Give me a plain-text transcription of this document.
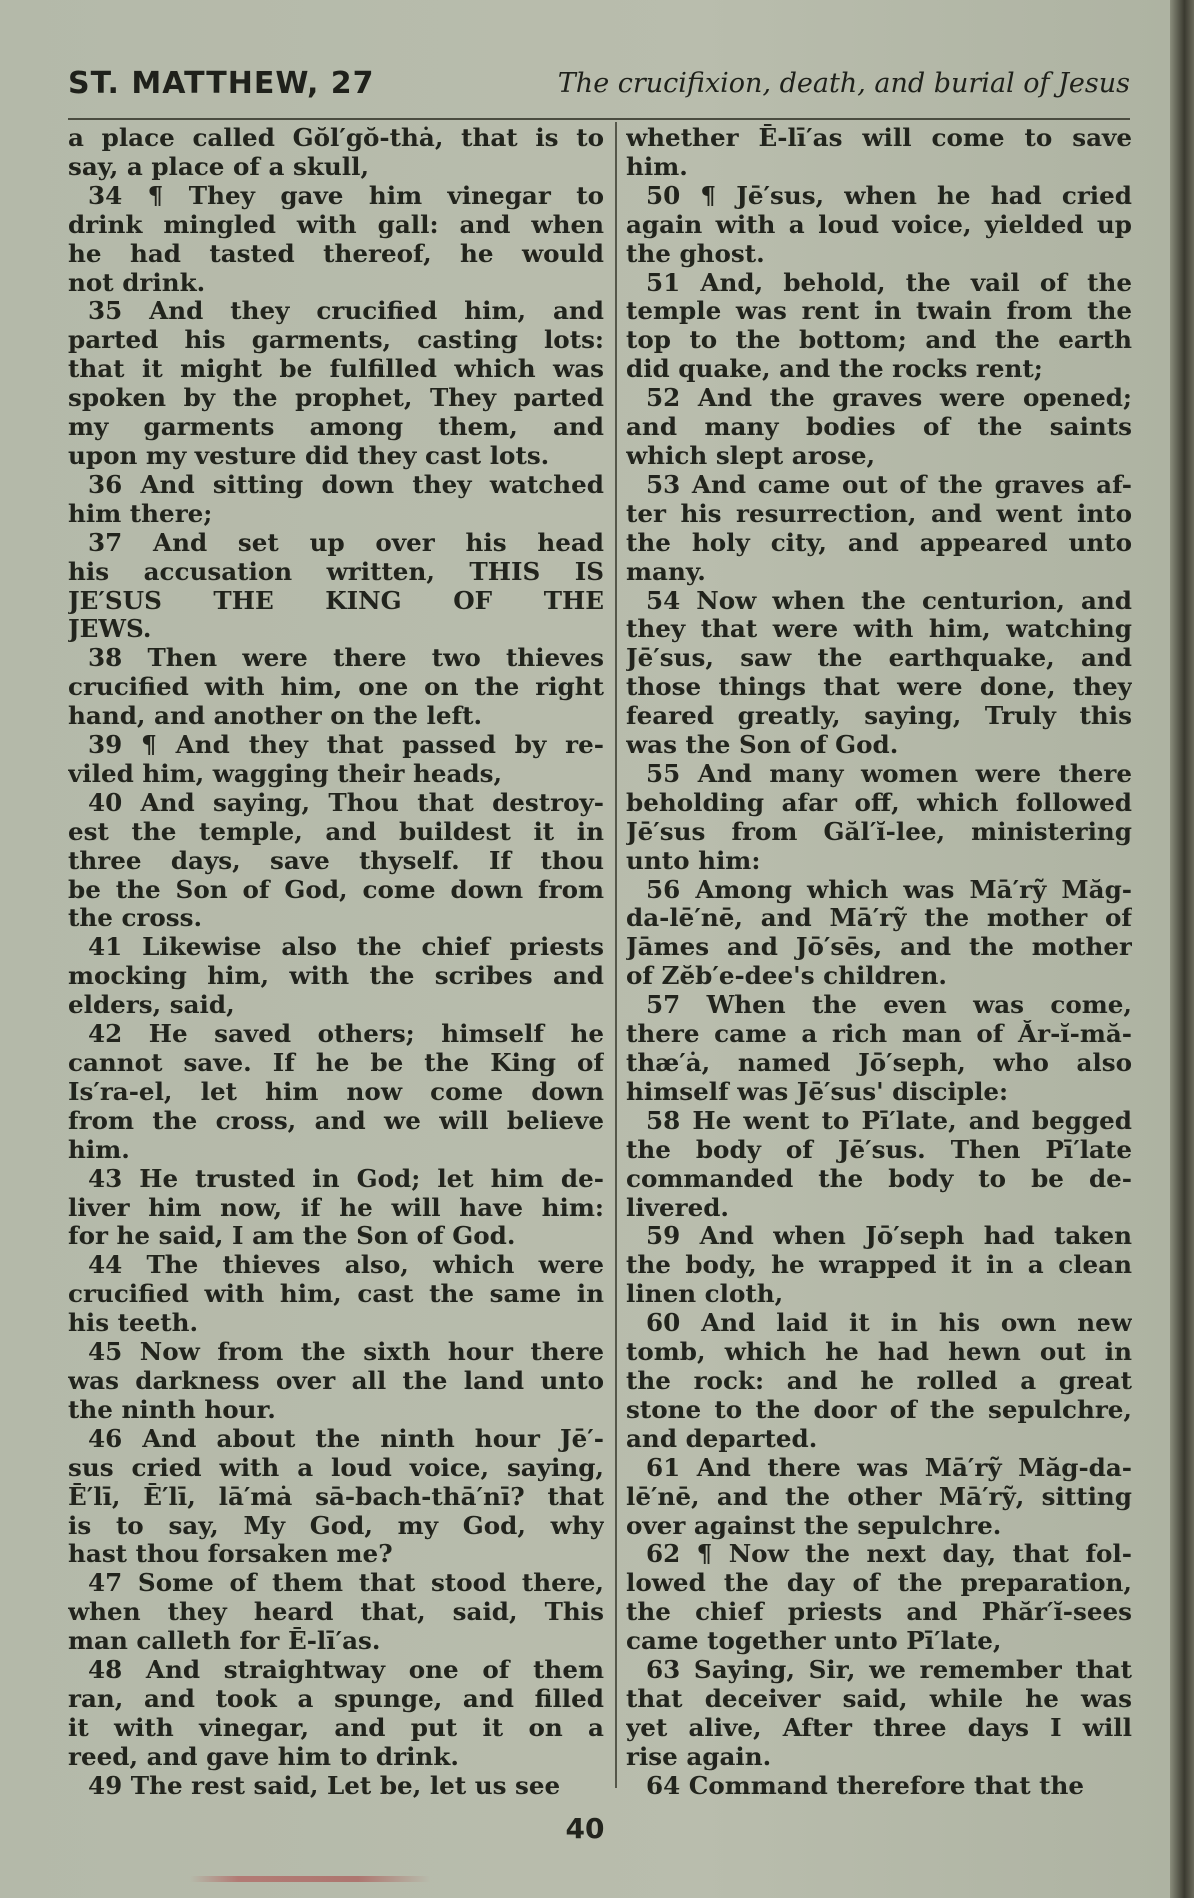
ST. MATTHEW, 27	The crucifixion, death, and burial of Jesus
a place called Gŏl′gŏ-thȧ, that is to
say, a place of a skull,
34 ¶ They gave him vinegar to
drink mingled with gall: and when
he had tasted thereof, he would
not drink.
35 And they crucified him, and
parted his garments, casting lots:
that it might be fulfilled which was
spoken by the prophet, They parted
my garments among them, and
upon my vesture did they cast lots.
36 And sitting down they watched
him there;
37 And set up over his head
his accusation written, THIS IS
JE′SUS THE KING OF THE
JEWS.
38 Then were there two thieves
crucified with him, one on the right
hand, and another on the left.
39 ¶ And they that passed by re-
viled him, wagging their heads,
40 And saying, Thou that destroy-
est the temple, and buildest it in
three days, save thyself. If thou
be the Son of God, come down from
the cross.
41 Likewise also the chief priests
mocking him, with the scribes and
elders, said,
42 He saved others; himself he
cannot save. If he be the King of
Is′ra-el, let him now come down
from the cross, and we will believe
him.
43 He trusted in God; let him de-
liver him now, if he will have him:
for he said, I am the Son of God.
44 The thieves also, which were
crucified with him, cast the same in
his teeth.
45 Now from the sixth hour there
was darkness over all the land unto
the ninth hour.
46 And about the ninth hour Jē′-
sus cried with a loud voice, saying,
Ē′lī, Ē′lī, lā′mȧ sā-bach-thā′nī? that
is to say, My God, my God, why
hast thou forsaken me?
47 Some of them that stood there,
when they heard that, said, This
man calleth for Ē-lī′as.
48 And straightway one of them
ran, and took a spunge, and filled
it with vinegar, and put it on a
reed, and gave him to drink.
49 The rest said, Let be, let us see
whether Ē-lī′as will come to save
him.
50 ¶ Jē′sus, when he had cried
again with a loud voice, yielded up
the ghost.
51 And, behold, the vail of the
temple was rent in twain from the
top to the bottom; and the earth
did quake, and the rocks rent;
52 And the graves were opened;
and many bodies of the saints
which slept arose,
53 And came out of the graves af-
ter his resurrection, and went into
the holy city, and appeared unto
many.
54 Now when the centurion, and
they that were with him, watching
Jē′sus, saw the earthquake, and
those things that were done, they
feared greatly, saying, Truly this
was the Son of God.
55 And many women were there
beholding afar off, which followed
Jē′sus from Găl′ĭ-lee, ministering
unto him:
56 Among which was Mā′rỹ Măg-
da-lē′nē, and Mā′rỹ the mother of
Jāmes and Jō′sēs, and the mother
of Zĕb′e-dee's children.
57 When the even was come,
there came a rich man of Ăr-ĭ-mă-
thæ′ȧ, named Jō′seph, who also
himself was Jē′sus' disciple:
58 He went to Pī′late, and begged
the body of Jē′sus. Then Pī′late
commanded the body to be de-
livered.
59 And when Jō′seph had taken
the body, he wrapped it in a clean
linen cloth,
60 And laid it in his own new
tomb, which he had hewn out in
the rock: and he rolled a great
stone to the door of the sepulchre,
and departed.
61 And there was Mā′rỹ Măg-da-
lē′nē, and the other Mā′rỹ, sitting
over against the sepulchre.
62 ¶ Now the next day, that fol-
lowed the day of the preparation,
the chief priests and Phăr′ĭ-sees
came together unto Pī′late,
63 Saying, Sir, we remember that
that deceiver said, while he was
yet alive, After three days I will
rise again.
64 Command therefore that the
40
